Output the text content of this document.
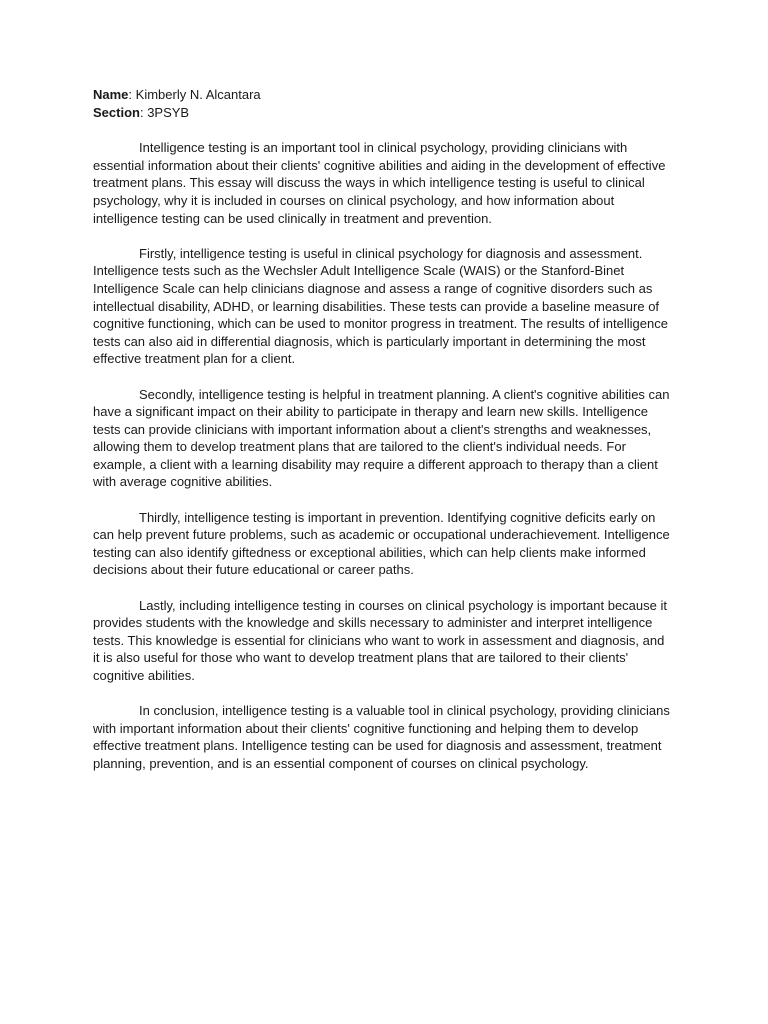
Name: Kimberly N. Alcantara

Section: 3PSYB

Intelligence testing is an important tool in clinical psychology, providing clinicians with essential information about their clients' cognitive abilities and aiding in the development of effective treatment plans. This essay will discuss the ways in which intelligence testing is useful to clinical psychology, why it is included in courses on clinical psychology, and how information about intelligence testing can be used clinically in treatment and prevention.

Firstly, intelligence testing is useful in clinical psychology for diagnosis and assessment. Intelligence tests such as the Wechsler Adult Intelligence Scale (WAIS) or the Stanford-Binet Intelligence Scale can help clinicians diagnose and assess a range of cognitive disorders such as intellectual disability, ADHD, or learning disabilities. These tests can provide a baseline measure of cognitive functioning, which can be used to monitor progress in treatment. The results of intelligence tests can also aid in differential diagnosis, which is particularly important in determining the most effective treatment plan for a client.

Secondly, intelligence testing is helpful in treatment planning. A client's cognitive abilities can have a significant impact on their ability to participate in therapy and learn new skills. Intelligence tests can provide clinicians with important information about a client's strengths and weaknesses, allowing them to develop treatment plans that are tailored to the client's individual needs. For example, a client with a learning disability may require a different approach to therapy than a client with average cognitive abilities.

Thirdly, intelligence testing is important in prevention. Identifying cognitive deficits early on can help prevent future problems, such as academic or occupational underachievement. Intelligence testing can also identify giftedness or exceptional abilities, which can help clients make informed decisions about their future educational or career paths.

Lastly, including intelligence testing in courses on clinical psychology is important because it provides students with the knowledge and skills necessary to administer and interpret intelligence tests. This knowledge is essential for clinicians who want to work in assessment and diagnosis, and it is also useful for those who want to develop treatment plans that are tailored to their clients' cognitive abilities.

In conclusion, intelligence testing is a valuable tool in clinical psychology, providing clinicians with important information about their clients' cognitive functioning and helping them to develop effective treatment plans. Intelligence testing can be used for diagnosis and assessment, treatment planning, prevention, and is an essential component of courses on clinical psychology.
